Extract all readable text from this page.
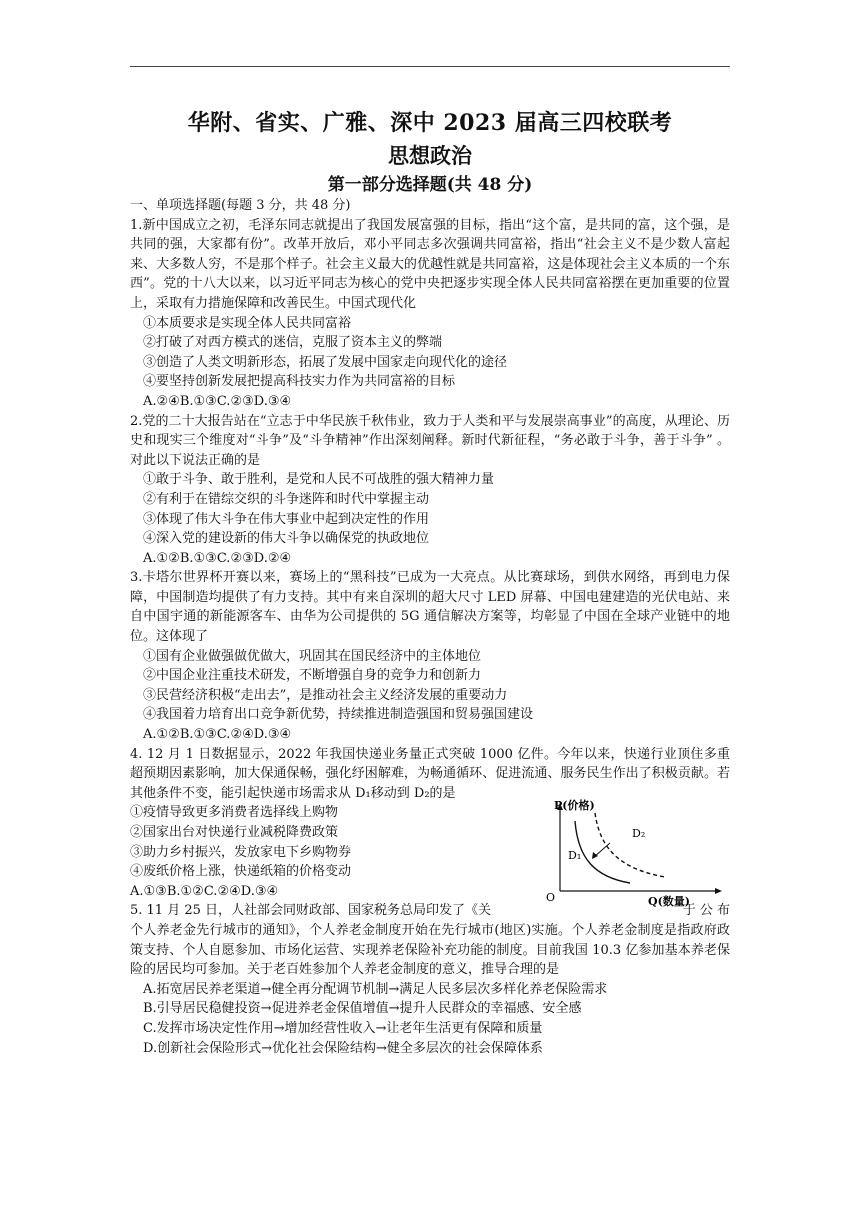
华附、省实、广雅、深中 2023 届高三四校联考
思想政治
第一部分选择题(共 48 分)

一、单项选择题(每题 3 分，共 48 分)

1.新中国成立之初，毛泽东同志就提出了我国发展富强的目标，指出“这个富，是共同的富，这个强，是共同的强，大家都有份”。改革开放后，邓小平同志多次强调共同富裕，指出“社会主义不是少数人富起来、大多数人穷，不是那个样子。社会主义最大的优越性就是共同富裕，这是体现社会主义本质的一个东西”。党的十八大以来，以习近平同志为核心的党中央把逐步实现全体人民共同富裕摆在更加重要的位置上，采取有力措施保障和改善民生。中国式现代化

①本质要求是实现全体人民共同富裕

②打破了对西方模式的迷信，克服了资本主义的弊端

③创造了人类文明新形态，拓展了发展中国家走向现代化的途径

④要坚持创新发展把提高科技实力作为共同富裕的目标

A.②④B.①③C.②③D.③④

2.党的二十大报告站在“立志于中华民族千秋伟业，致力于人类和平与发展崇高事业”的高度，从理论、历史和现实三个维度对“斗争”及“斗争精神”作出深刻阐释。新时代新征程，“务必敢于斗争，善于斗争” 。对此以下说法正确的是

①敢于斗争、敢于胜利，是党和人民不可战胜的强大精神力量

②有利于在错综交织的斗争迷阵和时代中掌握主动

③体现了伟大斗争在伟大事业中起到决定性的作用

④深入党的建设新的伟大斗争以确保党的执政地位

A.①②B.①③C.②③D.②④

3.卡塔尔世界杯开赛以来，赛场上的“黑科技”已成为一大亮点。从比赛球场，到供水网络，再到电力保障，中国制造均提供了有力支持。其中有来自深圳的超大尺寸 LED 屏幕、中国电建建造的光伏电站、来自中国宇通的新能源客车、由华为公司提供的 5G 通信解决方案等，均彰显了中国在全球产业链中的地位。这体现了

①国有企业做强做优做大，巩固其在国民经济中的主体地位

②中国企业注重技术研发，不断增强自身的竞争力和创新力

③民营经济积极“走出去”，是推动社会主义经济发展的重要动力

④我国着力培育出口竞争新优势，持续推进制造强国和贸易强国建设

A.①②B.①③C.②④D.③④

4. 12 月 1 日数据显示，2022 年我国快递业务量正式突破 1000 亿件。今年以来，快递行业顶住多重超预期因素影响，加大保通保畅，强化纾困解难，为畅通循环、促进流通、服务民生作出了积极贡献。若其他条件不变，能引起快递市场需求从 D₁移动到 D₂的是

①疫情导致更多消费者选择线上购物

②国家出台对快递行业减税降费政策

③助力乡村振兴，发放家电下乡购物券

④废纸价格上涨，快递纸箱的价格变动

A.①③B.①②C.②④D.③④

P(价格)
Q(数量)
O
D₁
D₂

5. 11 月 25 日，人社部会同财政部、国家税务总局印发了《关	于 公 布

个人养老金先行城市的通知》，个人养老金制度开始在先行城市(地区)实施。个人养老金制度是指政府政策支持、个人自愿参加、市场化运营、实现养老保险补充功能的制度。目前我国 10.3 亿参加基本养老保险的居民均可参加。关于老百姓参加个人养老金制度的意义，推导合理的是

A.拓宽居民养老渠道→健全再分配调节机制→满足人民多层次多样化养老保险需求

B.引导居民稳健投资→促进养老金保值增值→提升人民群众的幸福感、安全感

C.发挥市场决定性作用→增加经营性收入→让老年生活更有保障和质量

D.创新社会保险形式→优化社会保险结构→健全多层次的社会保障体系
